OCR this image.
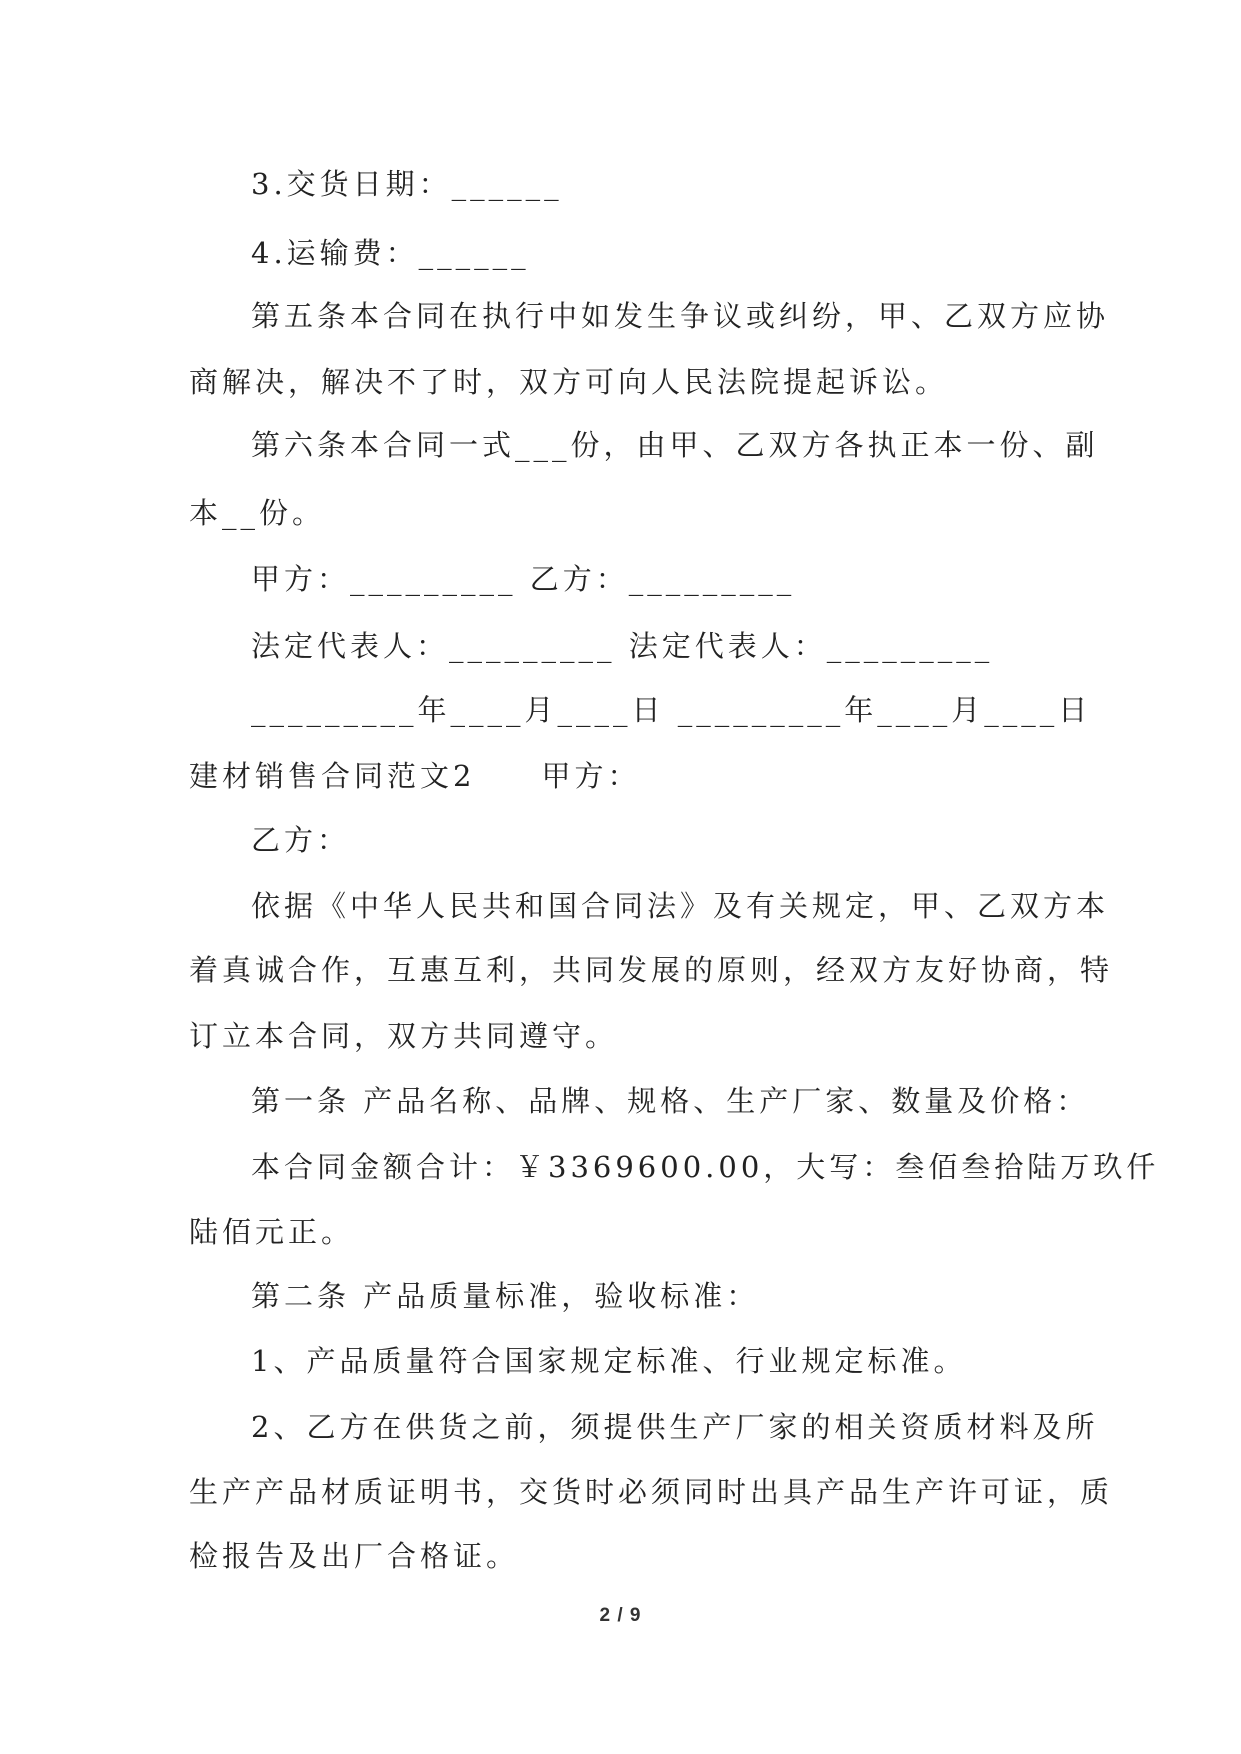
3.交货日期：______

4.运输费：______

第五条本合同在执行中如发生争议或纠纷，甲、乙双方应协

商解决，解决不了时，双方可向人民法院提起诉讼。

第六条本合同一式___份，由甲、乙双方各执正本一份、副

本__份。

甲方：_________ 乙方：_________

法定代表人：_________ 法定代表人：_________

_________年____月____日 _________年____月____日

建材销售合同范文2　　甲方：

乙方：

依据《中华人民共和国合同法》及有关规定，甲、乙双方本

着真诚合作，互惠互利，共同发展的原则，经双方友好协商，特

订立本合同，双方共同遵守。

第一条 产品名称、品牌、规格、生产厂家、数量及价格：

本合同金额合计：￥3369600.00，大写：叁佰叁拾陆万玖仟

陆佰元正。

第二条 产品质量标准，验收标准：

1、产品质量符合国家规定标准、行业规定标准。

2、乙方在供货之前，须提供生产厂家的相关资质材料及所

生产产品材质证明书，交货时必须同时出具产品生产许可证，质

检报告及出厂合格证。

2 / 9
